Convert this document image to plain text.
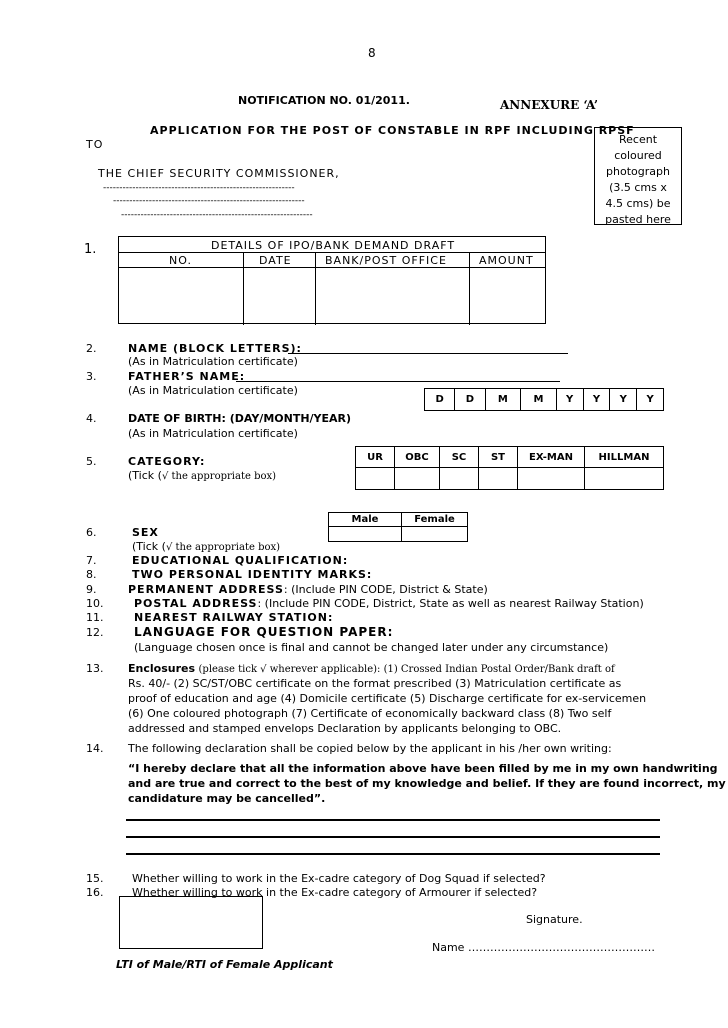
8
NOTIFICATION NO. 01/2011.	ANNEXURE ‘A’
APPLICATION FOR THE POST OF CONSTABLE IN RPF INCLUDING RPSF
TO
THE CHIEF SECURITY COMMISSIONER,
-----------------------------------------------------------
-----------------------------------------------------------
-----------------------------------------------------------
Recent
coloured
photograph
(3.5 cms x
4.5 cms) be
pasted here
1.	DETAILS OF IPO/BANK DEMAND DRAFT
NO.	DATE	BANK/POST OFFICE	AMOUNT
2.	NAME (BLOCK LETTERS):
(As in Matriculation certificate)
3.	FATHER’S NAME:
(As in Matriculation certificate)
D	D	M	M	Y	Y	Y	Y
4.	DATE OF BIRTH: (DAY/MONTH/YEAR)
(As in Matriculation certificate)
UR	OBC	SC	ST	EX-MAN	HILLMAN

5.	CATEGORY:
(Tick (√ the appropriate box)
Male	Female

6.	SEX
(Tick (√ the appropriate box)
7.	EDUCATIONAL QUALIFICATION:
8.	TWO PERSONAL IDENTITY MARKS:
9.	PERMANENT ADDRESS: (Include PIN CODE, District & State)
10.	POSTAL ADDRESS: (Include PIN CODE, District, State as well as nearest Railway Station)
11.	NEAREST RAILWAY STATION:
12.	LANGUAGE FOR QUESTION PAPER:
(Language chosen once is final and cannot be changed later under any circumstance)
13. Enclosures (please tick √ wherever applicable): (1) Crossed Indian Postal Order/Bank draft of
Rs. 40/- (2) SC/ST/OBC certificate on the format prescribed (3) Matriculation certificate as
proof of education and age (4) Domicile certificate (5) Discharge certificate for ex-servicemen
(6) One coloured photograph (7) Certificate of economically backward class (8) Two self
addressed and stamped envelops Declaration by applicants belonging to OBC.
14. The following declaration shall be copied below by the applicant in his /her own writing:
“I hereby declare that all the information above have been filled by me in my own handwriting
and are true and correct to the best of my knowledge and belief. If they are found incorrect, my
candidature may be cancelled”.
15.	Whether willing to work in the Ex-cadre category of Dog Squad if selected?
16.	Whether willing to work in the Ex-cadre category of Armourer if selected?
Signature.
Name ……………………………………………
LTI of Male/RTI of Female Applicant
